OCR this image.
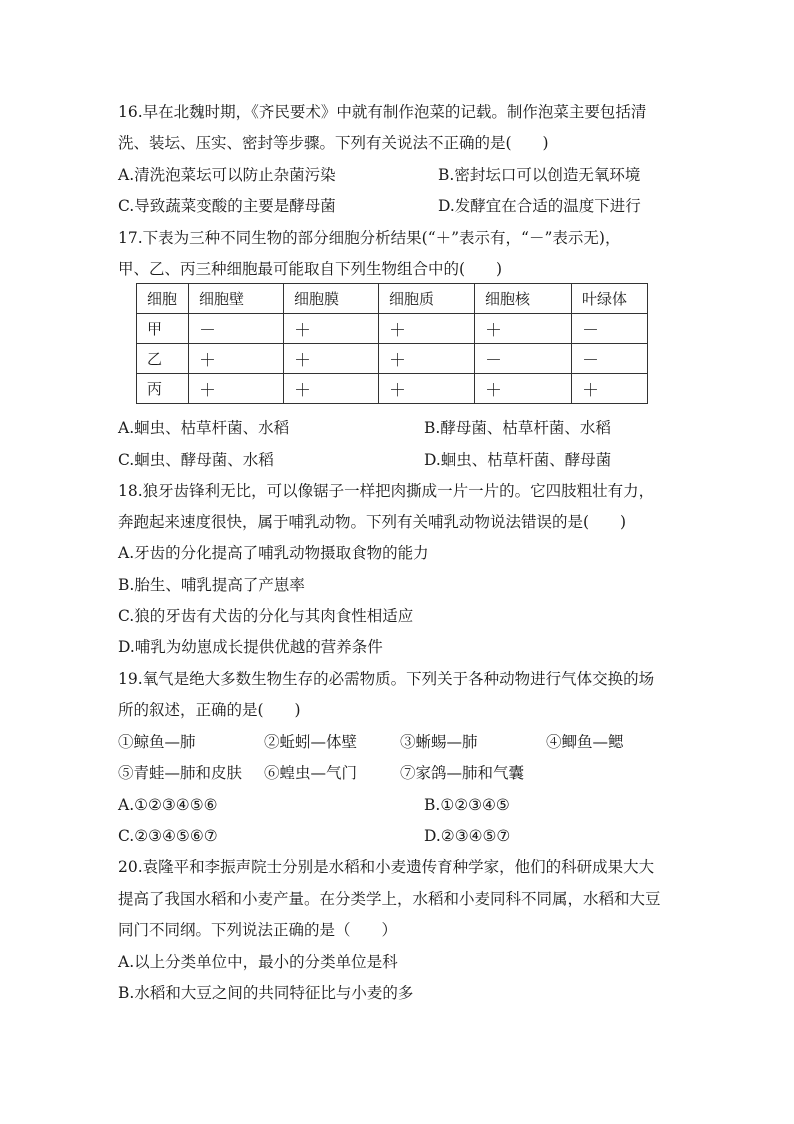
16.早在北魏时期，《齐民要术》中就有制作泡菜的记载。制作泡菜主要包括清
洗、装坛、压实、密封等步骤。下列有关说法不正确的是(　　)
A.清洗泡菜坛可以防止杂菌污染	B.密封坛口可以创造无氧环境
C.导致蔬菜变酸的主要是酵母菌	D.发酵宜在合适的温度下进行
17.下表为三种不同生物的部分细胞分析结果(“＋”表示有，“－”表示无)，
甲、乙、丙三种细胞最可能取自下列生物组合中的(　　)
细胞	细胞壁	细胞膜	细胞质	细胞核	叶绿体
甲	－	＋	＋	＋	－
乙	＋	＋	＋	－	－
丙	＋	＋	＋	＋	＋
A.蛔虫、枯草杆菌、水稻	B.酵母菌、枯草杆菌、水稻
C.蛔虫、酵母菌、水稻	D.蛔虫、枯草杆菌、酵母菌
18.狼牙齿锋利无比，可以像锯子一样把肉撕成一片一片的。它四肢粗壮有力，
奔跑起来速度很快，属于哺乳动物。下列有关哺乳动物说法错误的是(　　)
A.牙齿的分化提高了哺乳动物摄取食物的能力
B.胎生、哺乳提高了产崽率
C.狼的牙齿有犬齿的分化与其肉食性相适应
D.哺乳为幼崽成长提供优越的营养条件
19.氧气是绝大多数生物生存的必需物质。下列关于各种动物进行气体交换的场
所的叙述，正确的是(　　)
①鲸鱼—肺	②蚯蚓—体壁	③蜥蜴—肺	④鲫鱼—鳃
⑤青蛙—肺和皮肤 ⑥蝗虫—气门	⑦家鸽—肺和气囊
A.①②③④⑤⑥	B.①②③④⑤
C.②③④⑤⑥⑦	D.②③④⑤⑦
20.袁隆平和李振声院士分别是水稻和小麦遗传育种学家，他们的科研成果大大
提高了我国水稻和小麦产量。在分类学上，水稻和小麦同科不同属，水稻和大豆
同门不同纲。下列说法正确的是（　　）
A.以上分类单位中，最小的分类单位是科
B.水稻和大豆之间的共同特征比与小麦的多
